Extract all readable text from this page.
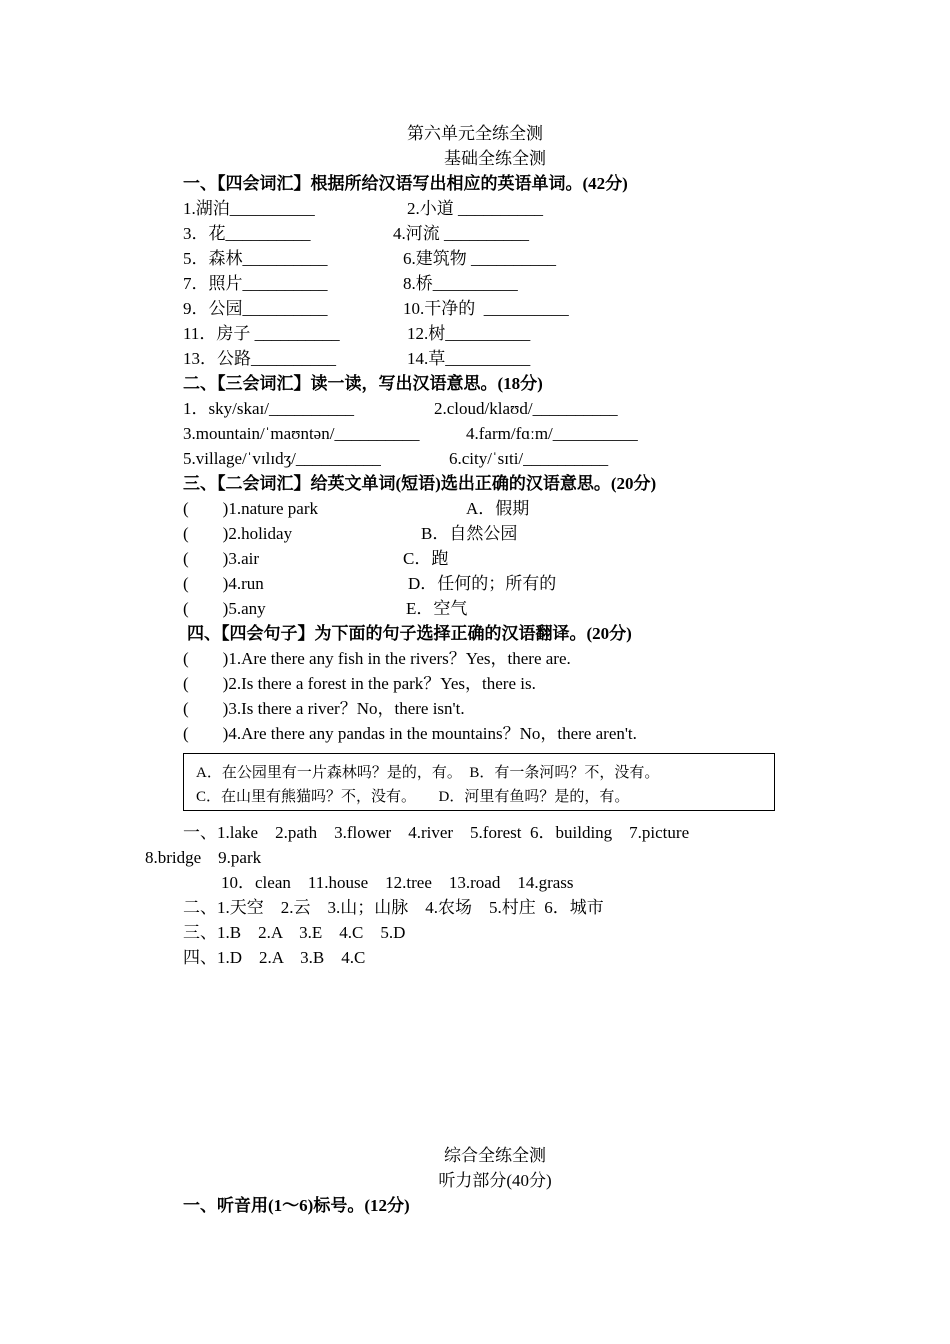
第六单元全练全测
基础全练全测
一、【四会词汇】根据所给汉语写出相应的英语单词。(42分)
1.湖泊__________	2.小道 __________
3．花__________	4.河流 __________
5．森林__________	6.建筑物 __________
7．照片__________	8.桥__________
9．公园__________	10.干净的  __________
11．房子 __________	12.树__________
13．公路__________	14.草__________
二、【三会词汇】读一读，写出汉语意思。(18分)
1．sky/skaɪ/__________	2.cloud/klaʊd/__________
3.mountain/ˈmaʊntən/__________	4.farm/fɑːm/__________
5.village/ˈvɪlɪdʒ/__________	6.city/ˈsɪti/__________
三、【二会词汇】给英文单词(短语)选出正确的汉语意思。(20分)
(        )1.nature park	A．假期
(        )2.holiday	B．自然公园
(        )3.air	C．跑
(        )4.run	D．任何的；所有的
(        )5.any	E．空气
四、【四会句子】为下面的句子选择正确的汉语翻译。(20分)
(        )1.Are there any fish in the rivers？Yes，there are.
(        )2.Is there a forest in the park？Yes，there is.
(        )3.Is there a river？No，there isn't.
(        )4.Are there any pandas in the mountains？No，there aren't.
A．在公园里有一片森林吗？是的，有。  B．有一条河吗？不，没有。
C．在山里有熊猫吗？不，没有。      D．河里有鱼吗？是的，有。
一、1.lake    2.path    3.flower    4.river    5.forest  6．building    7.picture
8.bridge    9.park
10．clean    11.house    12.tree    13.road    14.grass
二、1.天空    2.云    3.山；山脉    4.农场    5.村庄  6．城市
三、1.B    2.A    3.E    4.C    5.D
四、1.D    2.A    3.B    4.C
综合全练全测
听力部分(40分)
一、听音用(1～6)标号。(12分)
